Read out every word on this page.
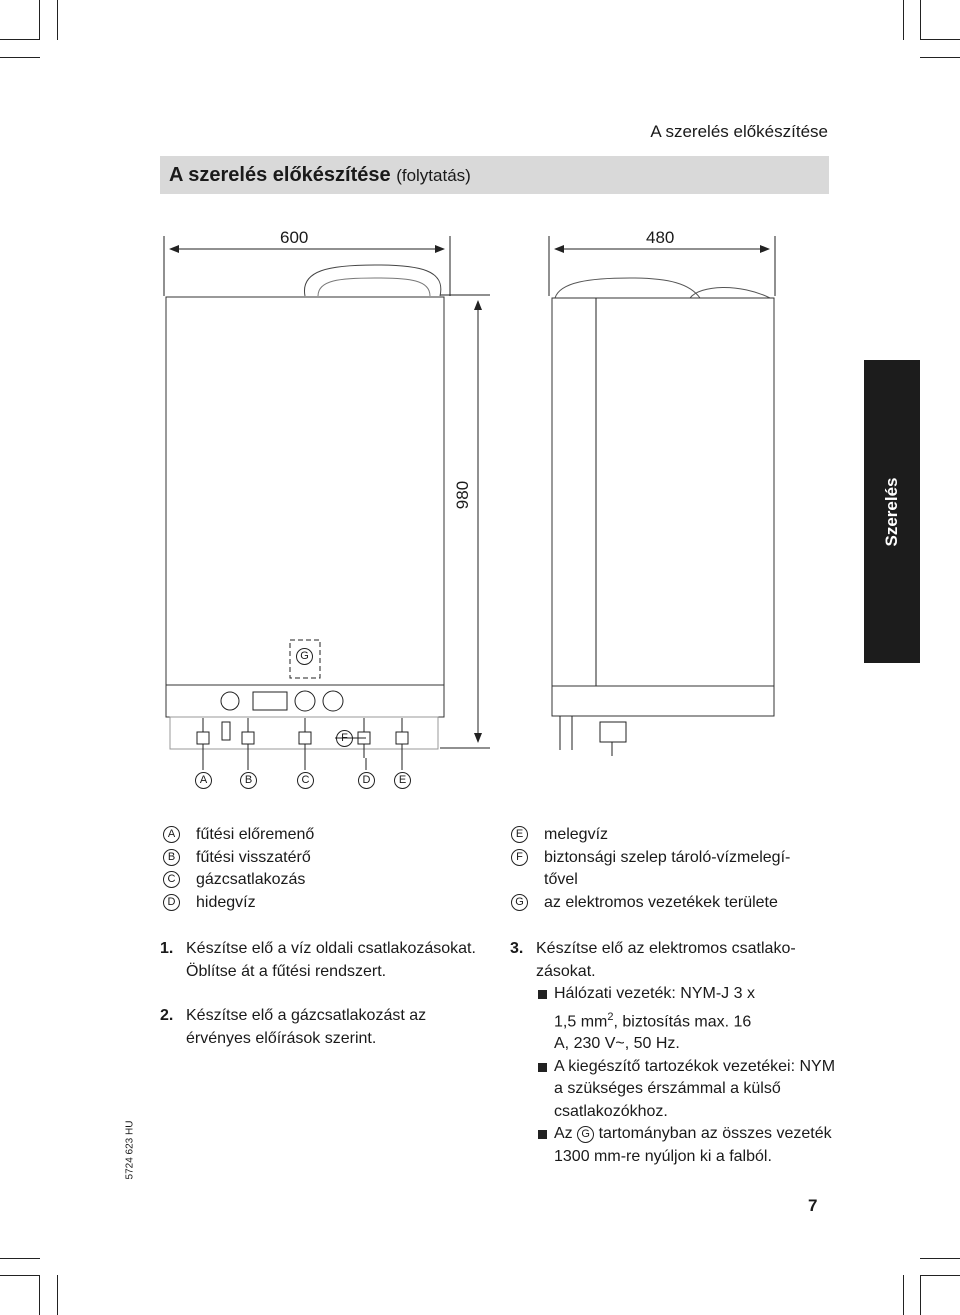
A szerelés előkészítése
A szerelés előkészítése (folytatás)
Szerelés
600	480
980
A	B	C	D	E
F
G
A	fűtési előremenő
B	fűtési visszatérő
C gázcsatlakozás
D hidegvíz
E	melegvíz
F	biztonsági szelep tároló-vízmelegítővel
G az elektromos vezetékek területe
1. Készítse elő a víz oldali csatlakozásokat. Öblítse át a fűtési rendszert.
2. Készítse elő a gázcsatlakozást az érvényes előírások szerint.
3. Készítse elő az elektromos csatlakozásokat.
Hálózati vezeték: NYM-J 3 x 1,5 $mm^2$, biztosítás max. 16 A, 230 V~, 50 Hz.
A kiegészítő tartozékok vezetékei: NYM a szükséges érszámmal a külső csatlakozókhoz.
Az G tartományban az összes vezeték 1300 mm-re nyúljon ki a falból.
5724 623 HU
7
